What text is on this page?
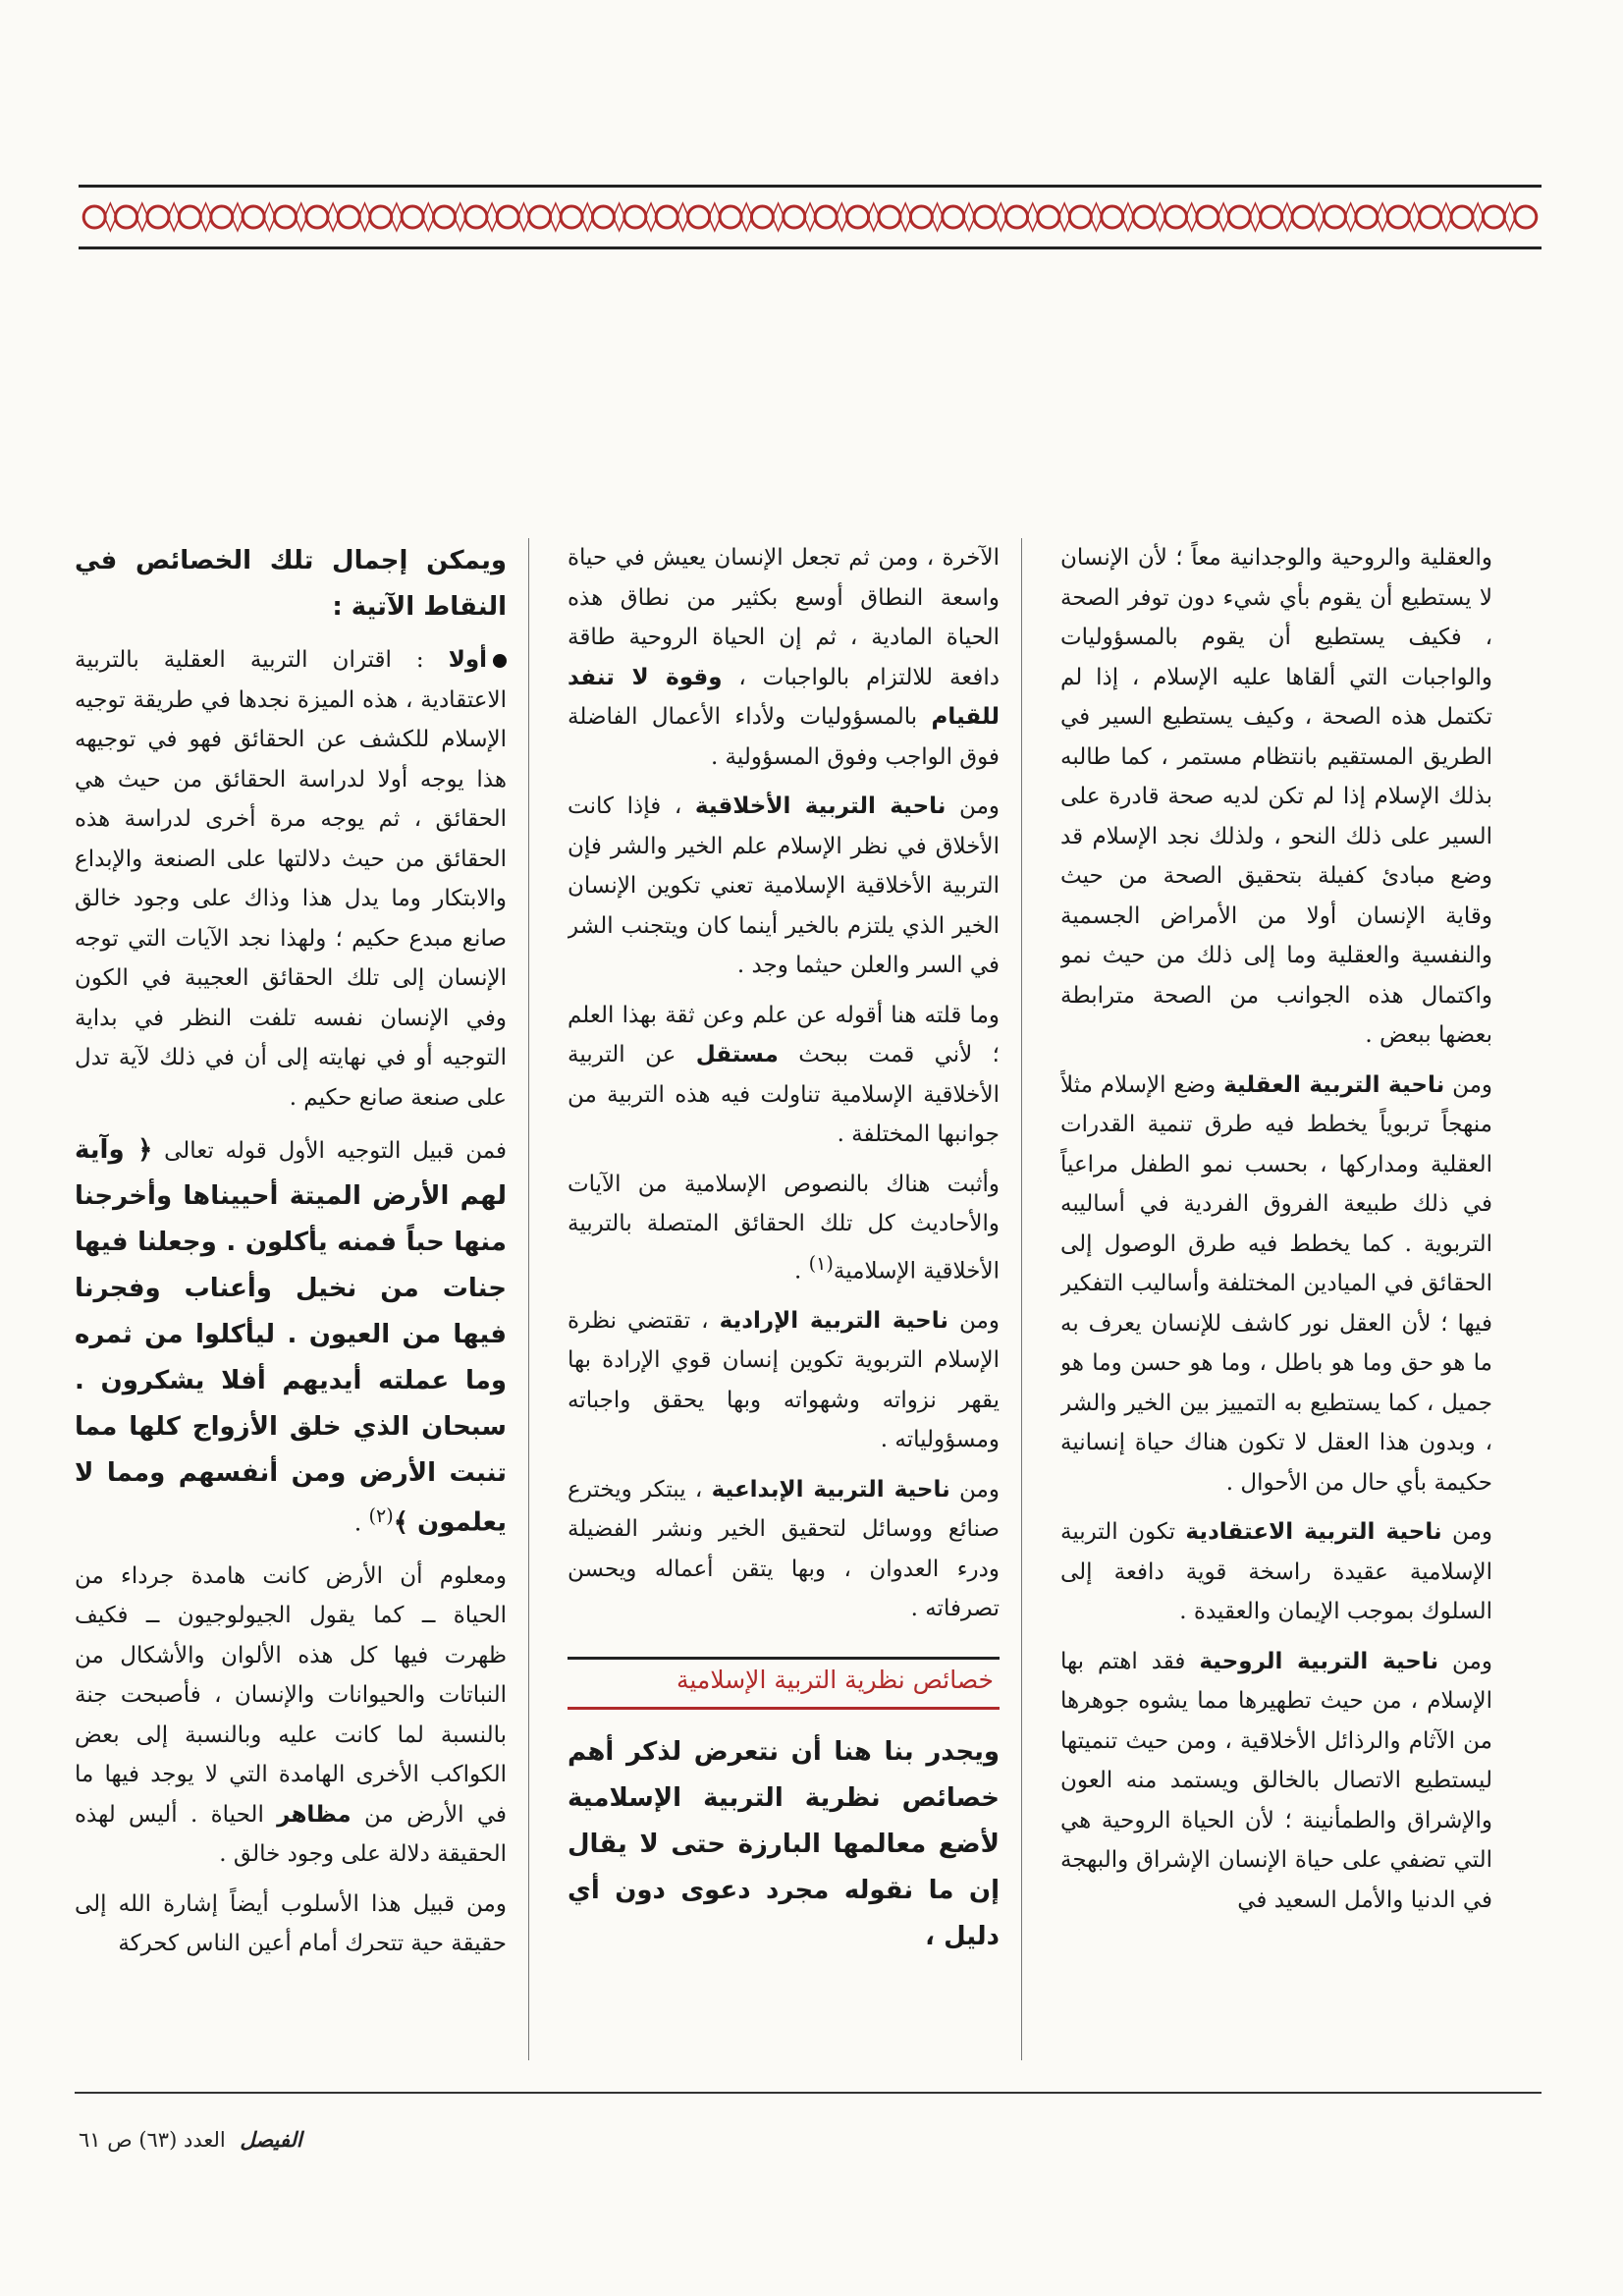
والعقلية والروحية والوجدانية معاً ؛ لأن الإنسان لا يستطيع أن يقوم بأي شيء دون توفر الصحة ، فكيف يستطيع أن يقوم بالمسؤوليات والواجبات التي ألقاها عليه الإسلام ، إذا لم تكتمل هذه الصحة ، وكيف يستطيع السير في الطريق المستقيم بانتظام مستمر ، كما طالبه بذلك الإسلام إذا لم تكن لديه صحة قادرة على السير على ذلك النحو ، ولذلك نجد الإسلام قد وضع مبادئ كفيلة بتحقيق الصحة من حيث وقاية الإنسان أولا من الأمراض الجسمية والنفسية والعقلية وما إلى ذلك من حيث نمو واكتمال هذه الجوانب من الصحة مترابطة بعضها ببعض .

ومن ناحية التربية العقلية وضع الإسلام مثلاً منهجاً تربوياً يخطط فيه طرق تنمية القدرات العقلية ومداركها ، بحسب نمو الطفل مراعياً في ذلك طبيعة الفروق الفردية في أساليبه التربوية . كما يخطط فيه طرق الوصول إلى الحقائق في الميادين المختلفة وأساليب التفكير فيها ؛ لأن العقل نور كاشف للإنسان يعرف به ما هو حق وما هو باطل ، وما هو حسن وما هو جميل ، كما يستطيع به التمييز بين الخير والشر ، وبدون هذا العقل لا تكون هناك حياة إنسانية حكيمة بأي حال من الأحوال .

ومن ناحية التربية الاعتقادية تكون التربية الإسلامية عقيدة راسخة قوية دافعة إلى السلوك بموجب الإيمان والعقيدة .

ومن ناحية التربية الروحية فقد اهتم بها الإسلام ، من حيث تطهيرها مما يشوه جوهرها من الآثام والرذائل الأخلاقية ، ومن حيث تنميتها ليستطيع الاتصال بالخالق ويستمد منه العون والإشراق والطمأنينة ؛ لأن الحياة الروحية هي التي تضفي على حياة الإنسان الإشراق والبهجة في الدنيا والأمل السعيد في

الآخرة ، ومن ثم تجعل الإنسان يعيش في حياة واسعة النطاق أوسع بكثير من نطاق هذه الحياة المادية ، ثم إن الحياة الروحية طاقة دافعة للالتزام بالواجبات ، وقوة لا تنفد للقيام بالمسؤوليات ولأداء الأعمال الفاضلة فوق الواجب وفوق المسؤولية .

ومن ناحية التربية الأخلاقية ، فإذا كانت الأخلاق في نظر الإسلام علم الخير والشر فإن التربية الأخلاقية الإسلامية تعني تكوين الإنسان الخير الذي يلتزم بالخير أينما كان ويتجنب الشر في السر والعلن حيثما وجد .

وما قلته هنا أقوله عن علم وعن ثقة بهذا العلم ؛ لأني قمت ببحث مستقل عن التربية الأخلاقية الإسلامية تناولت فيه هذه التربية من جوانبها المختلفة .

وأثبت هناك بالنصوص الإسلامية من الآيات والأحاديث كل تلك الحقائق المتصلة بالتربية الأخلاقية الإسلامية$^{(١)}$ .

ومن ناحية التربية الإرادية ، تقتضي نظرة الإسلام التربوية تكوين إنسان قوي الإرادة بها يقهر نزواته وشهواته وبها يحقق واجباته ومسؤولياته .

ومن ناحية التربية الإبداعية ، يبتكر ويخترع صنائع ووسائل لتحقيق الخير ونشر الفضيلة ودرء العدوان ، وبها يتقن أعماله ويحسن تصرفاته .

خصائص نظرية التربية الإسلامية

ويجدر بنا هنا أن نتعرض لذكر أهم خصائص نظرية التربية الإسلامية لأضع معالمها البارزة حتى لا يقال إن ما نقوله مجرد دعوى دون أي دليل ،

ويمكن إجمال تلك الخصائص في النقاط الآتية :

أولا : اقتران التربية العقلية بالتربية الاعتقادية ، هذه الميزة نجدها في طريقة توجيه الإسلام للكشف عن الحقائق فهو في توجيهه هذا يوجه أولا لدراسة الحقائق من حيث هي الحقائق ، ثم يوجه مرة أخرى لدراسة هذه الحقائق من حيث دلالتها على الصنعة والإبداع والابتكار وما يدل هذا وذاك على وجود خالق صانع مبدع حكيم ؛ ولهذا نجد الآيات التي توجه الإنسان إلى تلك الحقائق العجيبة في الكون وفي الإنسان نفسه تلفت النظر في بداية التوجيه أو في نهايته إلى أن في ذلك لآية تدل على صنعة صانع حكيم .

فمن قبيل التوجيه الأول قوله تعالى ﴿ وآية لهم الأرض الميتة أحييناها وأخرجنا منها حباً فمنه يأكلون . وجعلنا فيها جنات من نخيل وأعناب وفجرنا فيها من العيون . ليأكلوا من ثمره وما عملته أيديهم أفلا يشكرون . سبحان الذي خلق الأزواج كلها مما تنبت الأرض ومن أنفسهم ومما لا يعلمون ﴾$^{(٢)}$ .

ومعلوم أن الأرض كانت هامدة جرداء من الحياة ــ كما يقول الجيولوجيون ــ فكيف ظهرت فيها كل هذه الألوان والأشكال من النباتات والحيوانات والإنسان ، فأصبحت جنة بالنسبة لما كانت عليه وبالنسبة إلى بعض الكواكب الأخرى الهامدة التي لا يوجد فيها ما في الأرض من مظاهر الحياة . أليس لهذه الحقيقة دلالة على وجود خالق .

ومن قبيل هذا الأسلوب أيضاً إشارة الله إلى حقيقة حية تتحرك أمام أعين الناس كحركة

الفيصل العدد (٦٣) ص ٦١
